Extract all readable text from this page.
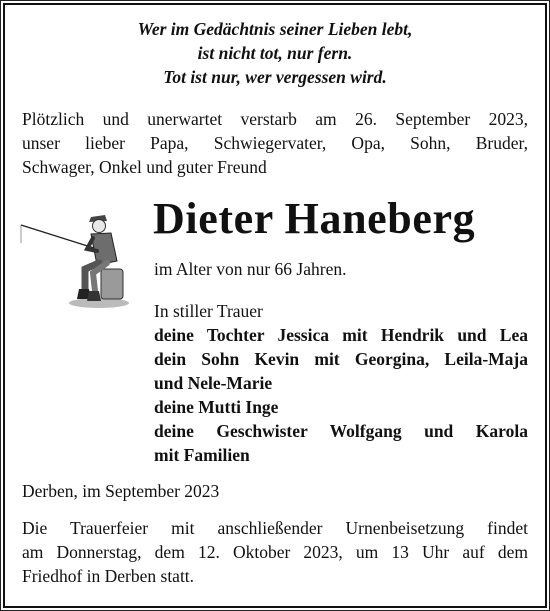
Wer im Gedächtnis seiner Lieben lebt,
ist nicht tot, nur fern.
Tot ist nur, wer vergessen wird.
Plötzlich und unerwartet verstarb am 26. September 2023,
unser lieber Papa, Schwiegervater, Opa, Sohn, Bruder,
Schwager, Onkel und guter Freund
Dieter Haneberg
im Alter von nur 66 Jahren.
In stiller Trauer
deine Tochter Jessica mit Hendrik und Lea
dein Sohn Kevin mit Georgina, Leila-Maja
und Nele-Marie
deine Mutti Inge
deine Geschwister Wolfgang und Karola
mit Familien
Derben, im September 2023
Die Trauerfeier mit anschließender Urnenbeisetzung findet
am Donnerstag, dem 12. Oktober 2023, um 13 Uhr auf dem
Friedhof in Derben statt.
